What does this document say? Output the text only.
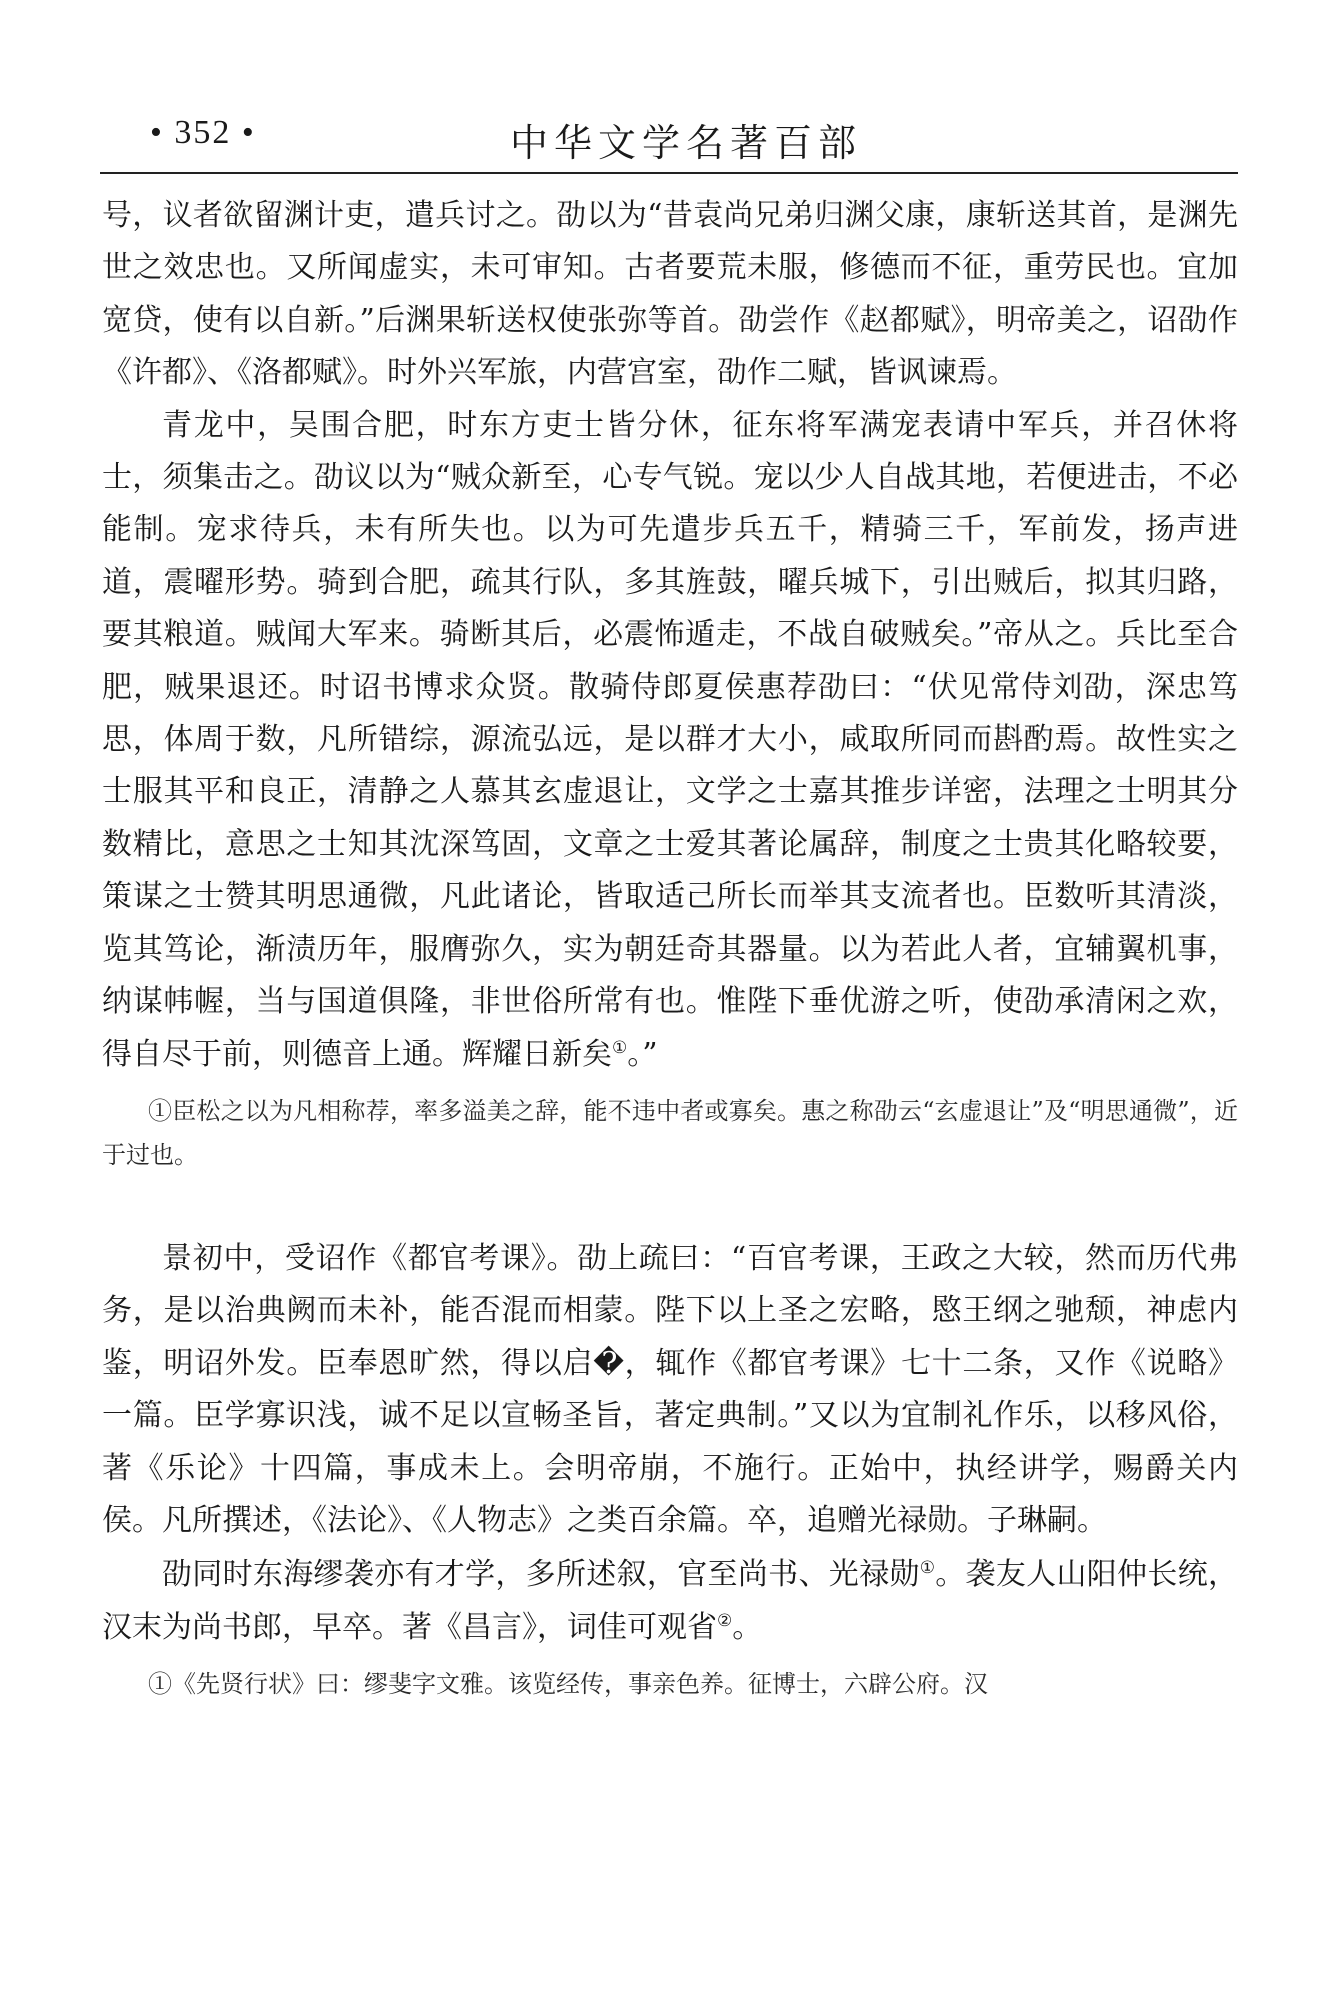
• 352 •	中华文学名著百部

号，议者欲留渊计吏，遣兵讨之。劭以为“昔袁尚兄弟归渊父康，康斩送其首，是渊先世之效忠也。又所闻虚实，未可审知。古者要荒未服，修德而不征，重劳民也。宜加宽贷，使有以自新。”后渊果斩送权使张弥等首。劭尝作《赵都赋》，明帝美之，诏劭作《许都》、《洛都赋》。时外兴军旅，内营宫室，劭作二赋，皆讽谏焉。

青龙中，吴围合肥，时东方吏士皆分休，征东将军满宠表请中军兵，并召休将士，须集击之。劭议以为“贼众新至，心专气锐。宠以少人自战其地，若便进击，不必能制。宠求待兵，未有所失也。以为可先遣步兵五千，精骑三千，军前发，扬声进道，震曜形势。骑到合肥，疏其行队，多其旌鼓，曜兵城下，引出贼后，拟其归路，要其粮道。贼闻大军来。骑断其后，必震怖遁走，不战自破贼矣。”帝从之。兵比至合肥，贼果退还。时诏书博求众贤。散骑侍郎夏侯惠荐劭曰：“伏见常侍刘劭，深忠笃思，体周于数，凡所错综，源流弘远，是以群才大小，咸取所同而斟酌焉。故性实之士服其平和良正，清静之人慕其玄虚退让，文学之士嘉其推步详密，法理之士明其分数精比，意思之士知其沈深笃固，文章之士爱其著论属辞，制度之士贵其化略较要，策谋之士赞其明思通微，凡此诸论，皆取适己所长而举其支流者也。臣数听其清淡，览其笃论，渐渍历年，服膺弥久，实为朝廷奇其器量。以为若此人者，宜辅翼机事，纳谋帏幄，当与国道俱隆，非世俗所常有也。惟陛下垂优游之听，使劭承清闲之欢，得自尽于前，则德音上通。辉耀日新矣①。”

①臣松之以为凡相称荐，率多溢美之辞，能不违中者或寡矣。惠之称劭云“玄虚退让”及“明思通微”，近于过也。

景初中，受诏作《都官考课》。劭上疏曰：“百官考课，王政之大较，然而历代弗务，是以治典阙而未补，能否混而相蒙。陛下以上圣之宏略，愍王纲之驰颓，神虑内鉴，明诏外发。臣奉恩旷然，得以启�，辄作《都官考课》七十二条，又作《说略》一篇。臣学寡识浅，诚不足以宣畅圣旨，著定典制。”又以为宜制礼作乐，以移风俗，著《乐论》十四篇，事成未上。会明帝崩，不施行。正始中，执经讲学，赐爵关内侯。凡所撰述，《法论》、《人物志》之类百余篇。卒，追赠光禄勋。子琳嗣。

劭同时东海缪袭亦有才学，多所述叙，官至尚书、光禄勋①。袭友人山阳仲长统，汉末为尚书郎，早卒。著《昌言》，词佳可观省②。

①《先贤行状》曰：缪斐字文雅。该览经传，事亲色养。征博士，六辟公府。汉
